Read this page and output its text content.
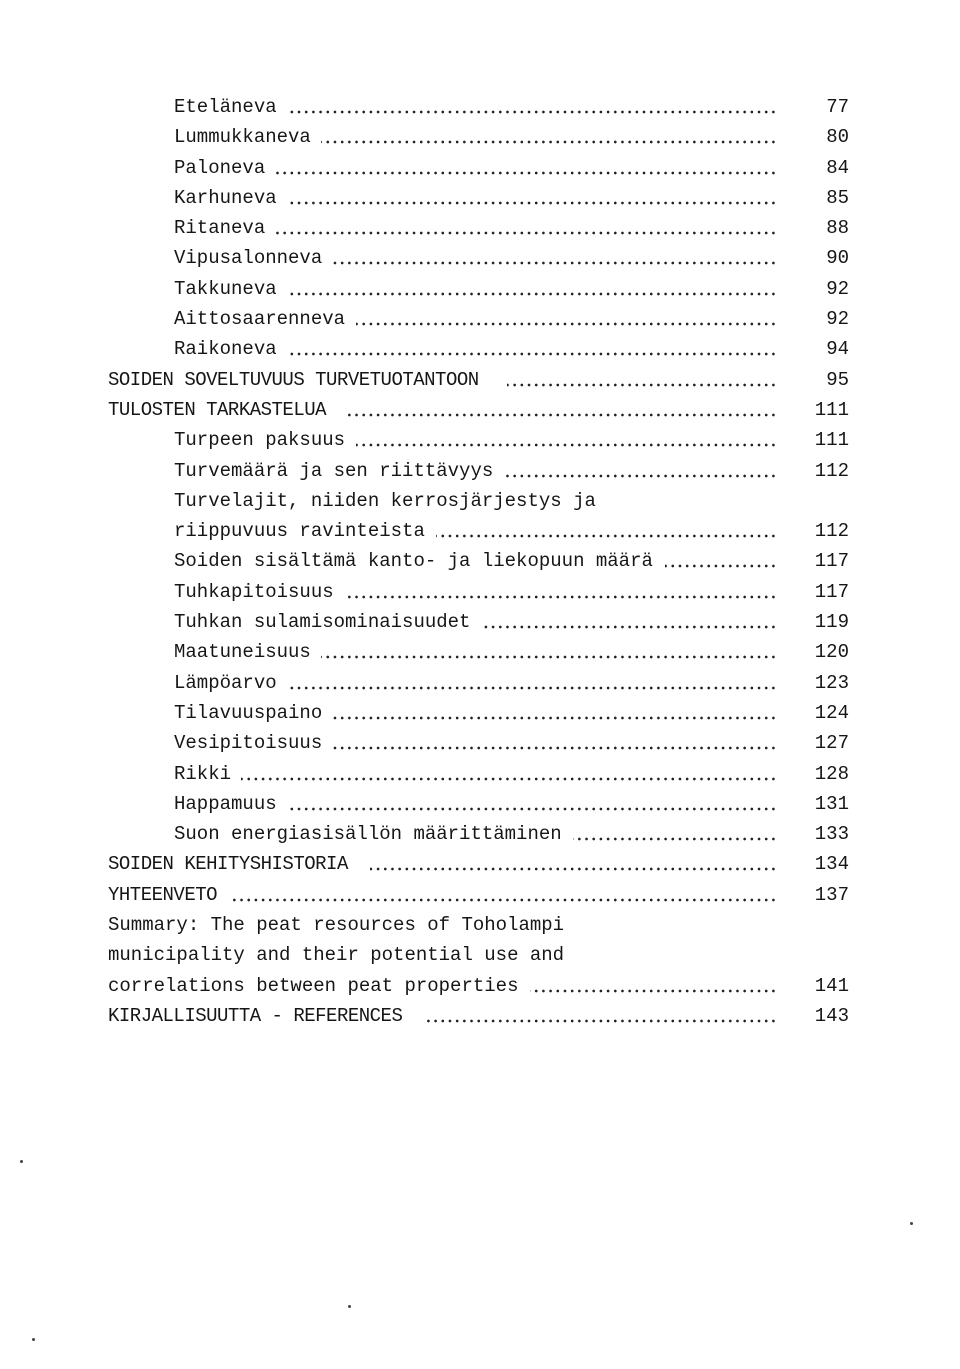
Eteläneva	77
Lummukkaneva	80
Paloneva	84
Karhuneva	85
Ritaneva	88
Vipusalonneva	90
Takkuneva	92
Aittosaarenneva	92
Raikoneva	94
SOIDEN SOVELTUVUUS TURVETUOTANTOON	95
TULOSTEN TARKASTELUA	111
Turpeen paksuus	111
Turvemäärä ja sen riittävyys	112
Turvelajit, niiden kerrosjärjestys ja
riippuvuus ravinteista	112
Soiden sisältämä kanto- ja liekopuun määrä	117
Tuhkapitoisuus	117
Tuhkan sulamisominaisuudet	119
Maatuneisuus	120
Lämpöarvo	123
Tilavuuspaino	124
Vesipitoisuus	127
Rikki	128
Happamuus	131
Suon energiasisällön määrittäminen	133
SOIDEN KEHITYSHISTORIA	134
YHTEENVETO	137
Summary: The peat resources of Toholampi
municipality and their potential use and
correlations between peat properties	141
KIRJALLISUUTTA - REFERENCES	143
